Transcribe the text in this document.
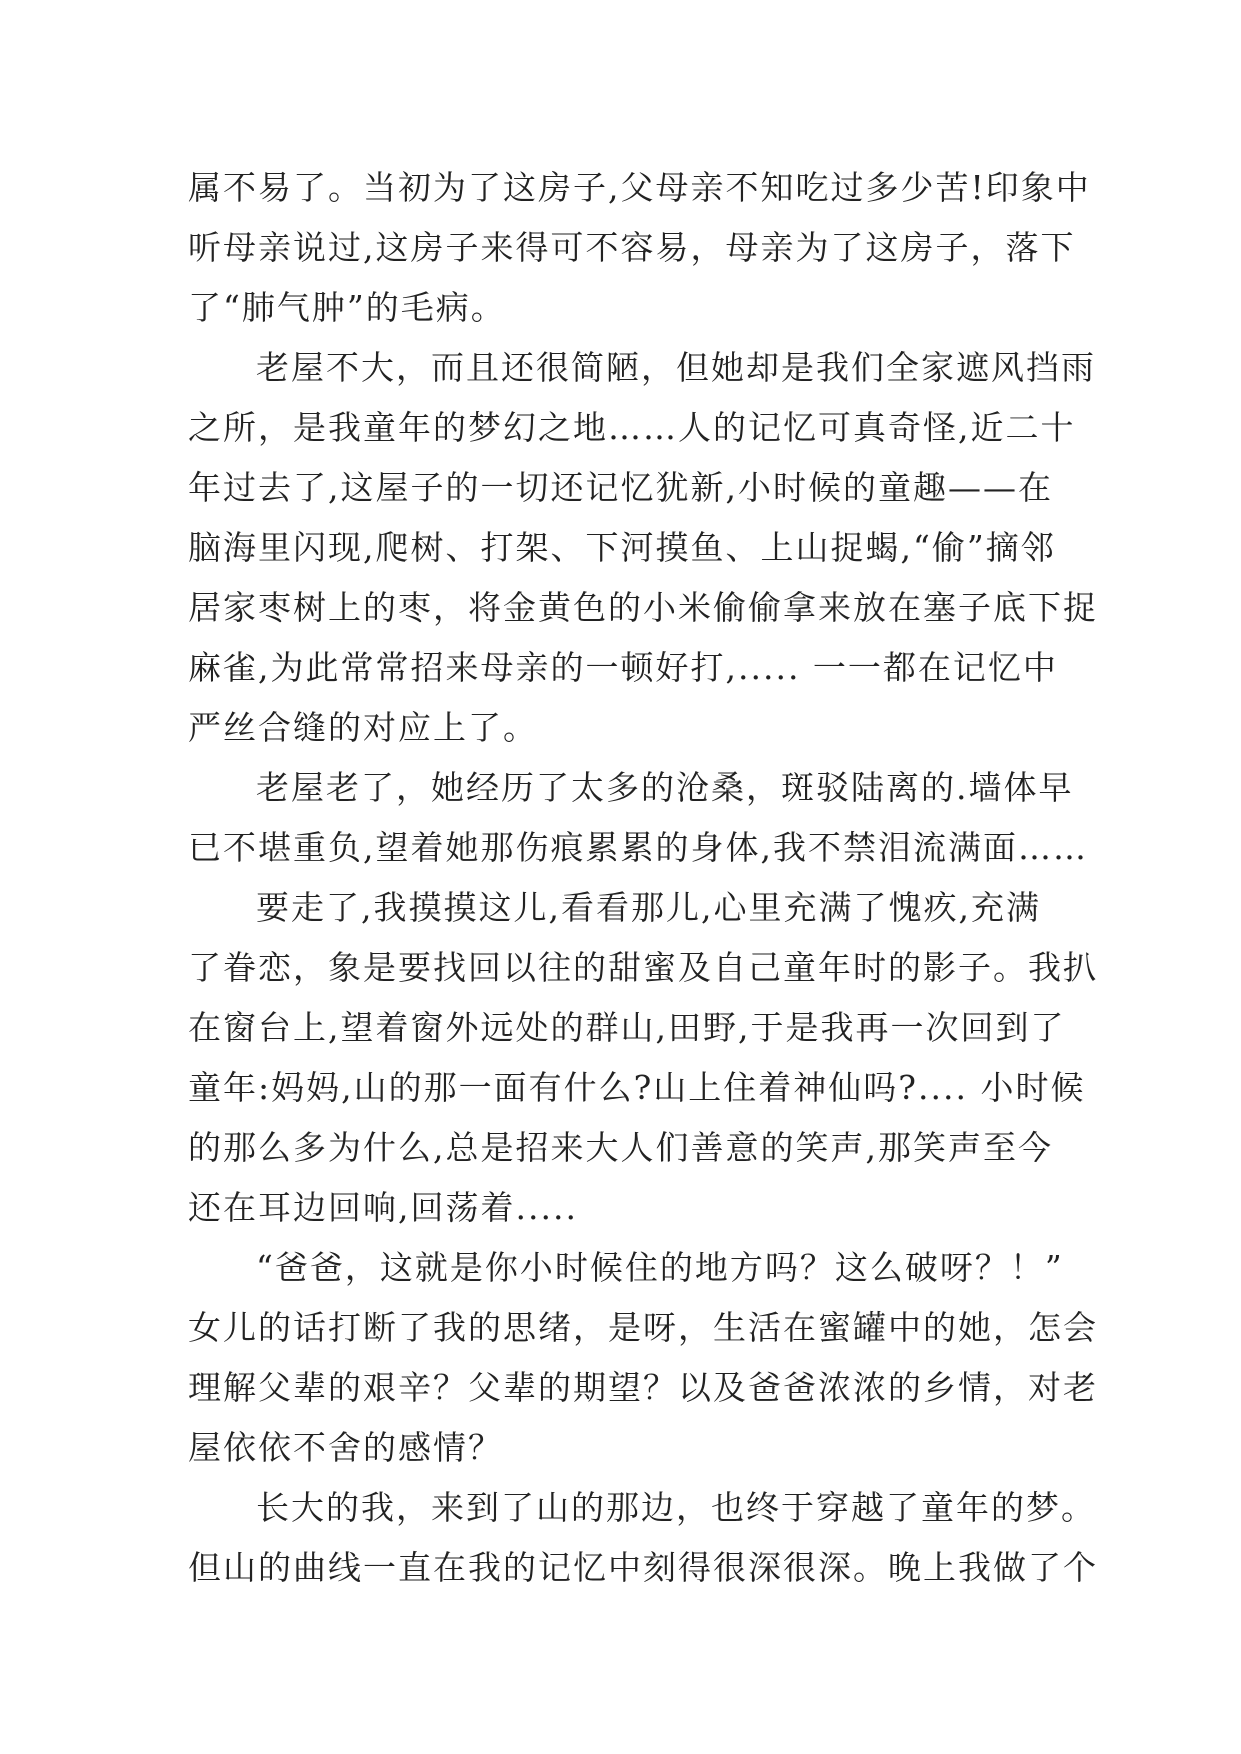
属不易了。当初为了这房子,父母亲不知吃过多少苦!印象中
听母亲说过,这房子来得可不容易，母亲为了这房子，落下
了“肺气肿”的毛病。
老屋不大，而且还很简陋，但她却是我们全家遮风挡雨
之所，是我童年的梦幻之地……人的记忆可真奇怪,近二十
年过去了,这屋子的一切还记忆犹新,小时候的童趣——在
脑海里闪现,爬树、打架、下河摸鱼、上山捉蝎,“偷”摘邻
居家枣树上的枣，将金黄色的小米偷偷拿来放在塞子底下捉
麻雀,为此常常招来母亲的一顿好打,..... 一一都在记忆中
严丝合缝的对应上了。
老屋老了，她经历了太多的沧桑，斑驳陆离的.墙体早
已不堪重负,望着她那伤痕累累的身体,我不禁泪流满面……
要走了,我摸摸这儿,看看那儿,心里充满了愧疚,充满
了眷恋，象是要找回以往的甜蜜及自己童年时的影子。我扒
在窗台上,望着窗外远处的群山,田野,于是我再一次回到了
童年:妈妈,山的那一面有什么?山上住着神仙吗?.... 小时候
的那么多为什么,总是招来大人们善意的笑声,那笑声至今
还在耳边回响,回荡着.....
“爸爸，这就是你小时候住的地方吗？这么破呀？！”
女儿的话打断了我的思绪，是呀，生活在蜜罐中的她，怎会
理解父辈的艰辛？父辈的期望？以及爸爸浓浓的乡情，对老
屋依依不舍的感情？
长大的我，来到了山的那边，也终于穿越了童年的梦。
但山的曲线一直在我的记忆中刻得很深很深。晚上我做了个
